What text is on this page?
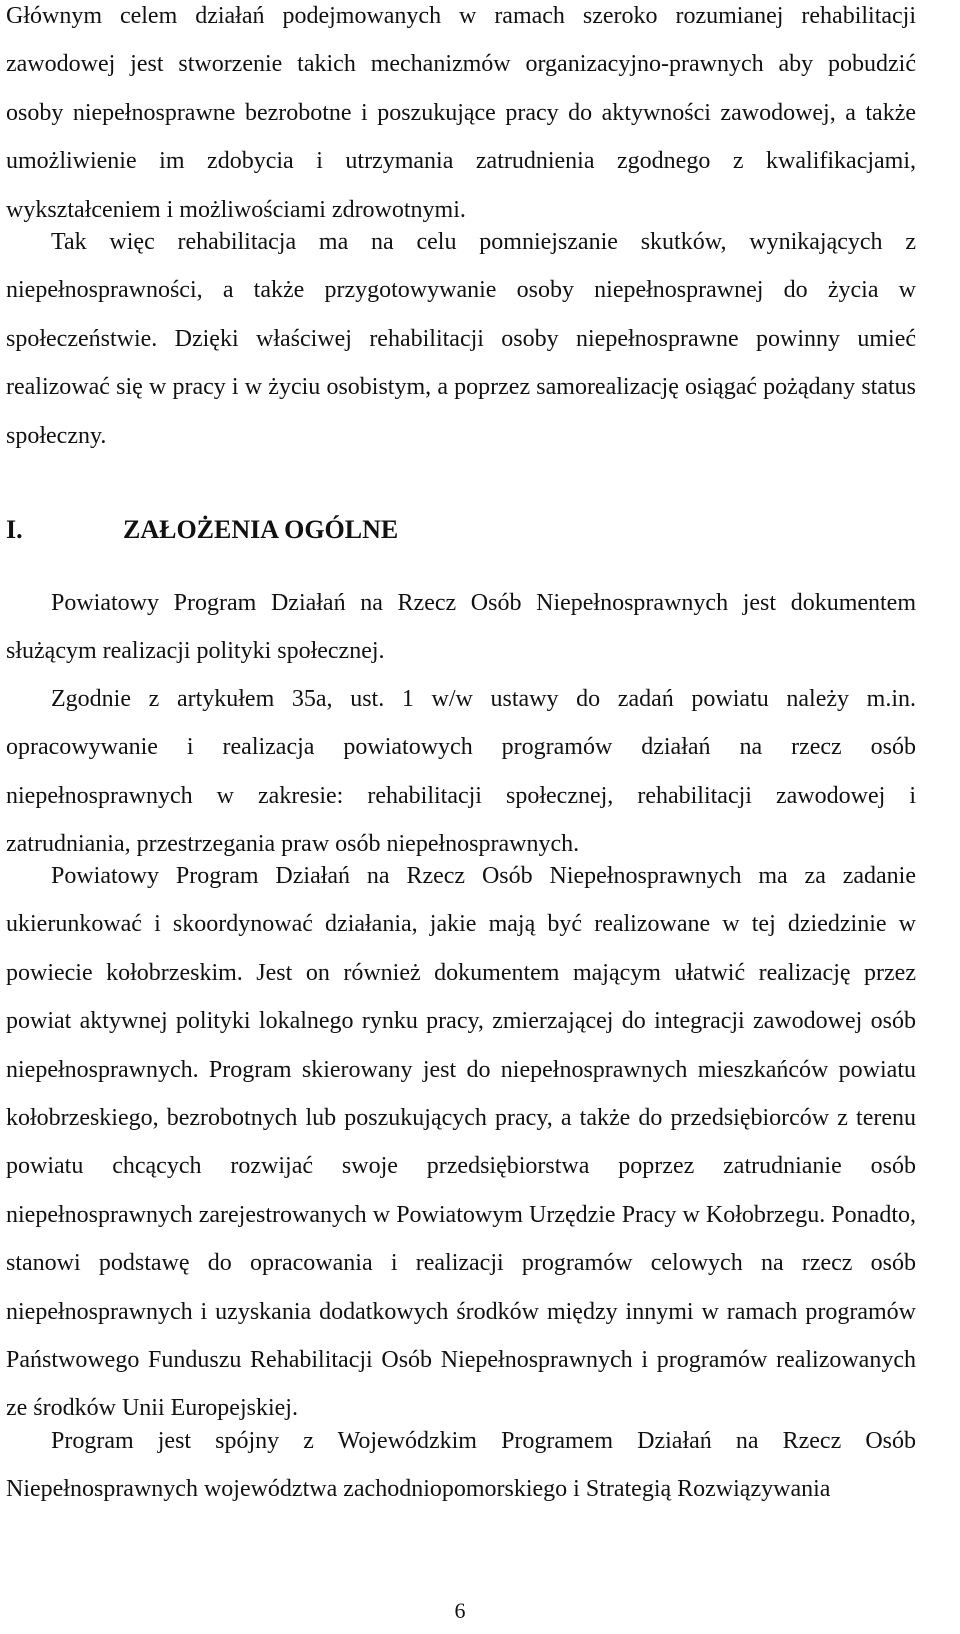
Głównym celem działań podejmowanych w ramach szeroko rozumianej rehabilitacji zawodowej jest stworzenie takich mechanizmów organizacyjno-prawnych aby pobudzić osoby niepełnosprawne bezrobotne i poszukujące pracy do aktywności zawodowej, a także umożliwienie im zdobycia i utrzymania zatrudnienia zgodnego z kwalifikacjami, wykształceniem i możliwościami zdrowotnymi.

Tak więc rehabilitacja ma na celu pomniejszanie skutków, wynikających z niepełnosprawności, a także przygotowywanie osoby niepełnosprawnej do życia w społeczeństwie. Dzięki właściwej rehabilitacji osoby niepełnosprawne powinny umieć realizować się w pracy i w życiu osobistym, a poprzez samorealizację osiągać pożądany status społeczny.

I.	ZAŁOŻENIA OGÓLNE

Powiatowy Program Działań na Rzecz Osób Niepełnosprawnych jest dokumentem służącym realizacji polityki społecznej.

Zgodnie z artykułem 35a, ust. 1 w/w ustawy do zadań powiatu należy m.in. opracowywanie i realizacja powiatowych programów działań na rzecz osób niepełnosprawnych w zakresie: rehabilitacji społecznej, rehabilitacji zawodowej i zatrudniania, przestrzegania praw osób niepełnosprawnych.

Powiatowy Program Działań na Rzecz Osób Niepełnosprawnych ma za zadanie ukierunkować i skoordynować działania, jakie mają być realizowane w tej dziedzinie w powiecie kołobrzeskim. Jest on również dokumentem mającym ułatwić realizację przez powiat aktywnej polityki lokalnego rynku pracy, zmierzającej do integracji zawodowej osób niepełnosprawnych. Program skierowany jest do niepełnosprawnych mieszkańców powiatu kołobrzeskiego, bezrobotnych lub poszukujących pracy, a także do przedsiębiorców z terenu powiatu chcących rozwijać swoje przedsiębiorstwa poprzez zatrudnianie osób niepełnosprawnych zarejestrowanych w Powiatowym Urzędzie Pracy w Kołobrzegu. Ponadto, stanowi podstawę do opracowania i realizacji programów celowych na rzecz osób niepełnosprawnych i uzyskania dodatkowych środków między innymi w ramach programów Państwowego Funduszu Rehabilitacji Osób Niepełnosprawnych i programów realizowanych ze środków Unii Europejskiej.

Program jest spójny z Wojewódzkim Programem Działań na Rzecz Osób Niepełnosprawnych województwa zachodniopomorskiego i Strategią Rozwiązywania

6
